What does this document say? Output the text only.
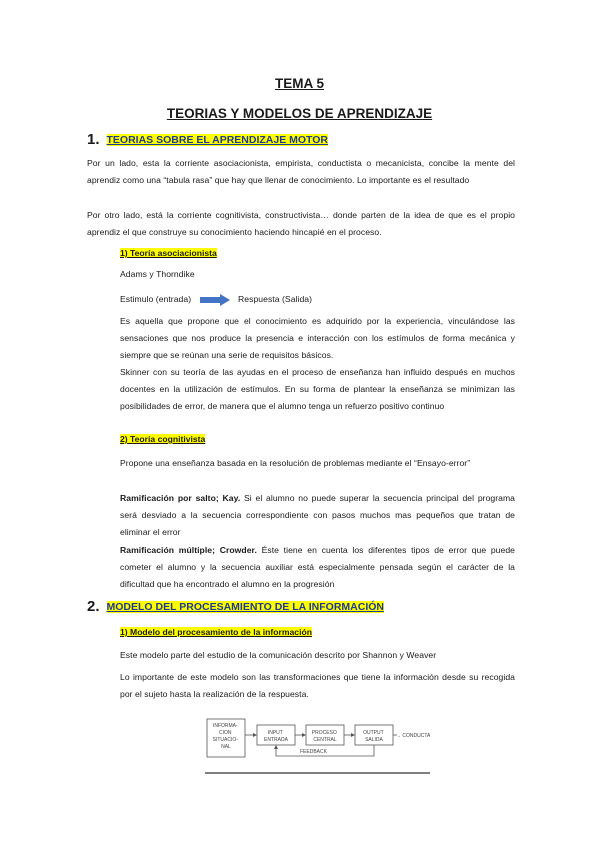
TEMA 5
TEORIAS Y MODELOS DE APRENDIZAJE
1. TEORIAS SOBRE EL APRENDIZAJE MOTOR
Por un lado, esta la corriente asociacionista, empirista, conductista o mecanicista, concibe la mente del aprendiz como una “tabula rasa” que hay que llenar de conocimiento. Lo importante es el resultado
Por otro lado, está la corriente cognitivista, constructivista… donde parten de la idea de que es el propio aprendiz el que construye su conocimiento haciendo hincapié en el proceso.
1) Teoría asociacionista
Adams y Thorndike
Estimulo (entrada)	Respuesta (Salida)
Es aquella que propone que el conocimiento es adquirido por la experiencia, vinculándose las sensaciones que nos produce la presencia e interacción con los estímulos de forma mecánica y siempre que se reúnan una serie de requisitos básicos.
Skinner con su teoría de las ayudas en el proceso de enseñanza han influido después en muchos docentes en la utilización de estímulos. En su forma de plantear la enseñanza se minimizan las posibilidades de error, de manera que el alumno tenga un refuerzo positivo continuo
2) Teoría cognitivista
Propone una enseñanza basada en la resolución de problemas mediante el “Ensayo-error”
Ramificación por salto; Kay. Si el alumno no puede superar la secuencia principal del programa será desviado a la secuencia correspondiente con pasos muchos mas pequeños que tratan de eliminar el error
Ramificación múltiple; Crowder. Éste tiene en cuenta los diferentes tipos de error que puede cometer el alumno y la secuencia auxiliar está especialmente pensada según el carácter de la dificultad que ha encontrado el alumno en la progresión
2. MODELO DEL PROCESAMIENTO DE LA INFORMACIÓN
1) Modelo del procesamiento de la información
Este modelo parte del estudio de la comunicación descrito por Shannon y Weaver
Lo importante de este modelo son las transformaciones que tiene la información desde su recogida por el sujeto hasta la realización de la respuesta.
INFORMA- CION SITUACIO- NAL
INPUT ENTRADA
PROCESO CENTRAL
OUTPUT SALIDA
→ CONDUCTA
FEEDBACK
